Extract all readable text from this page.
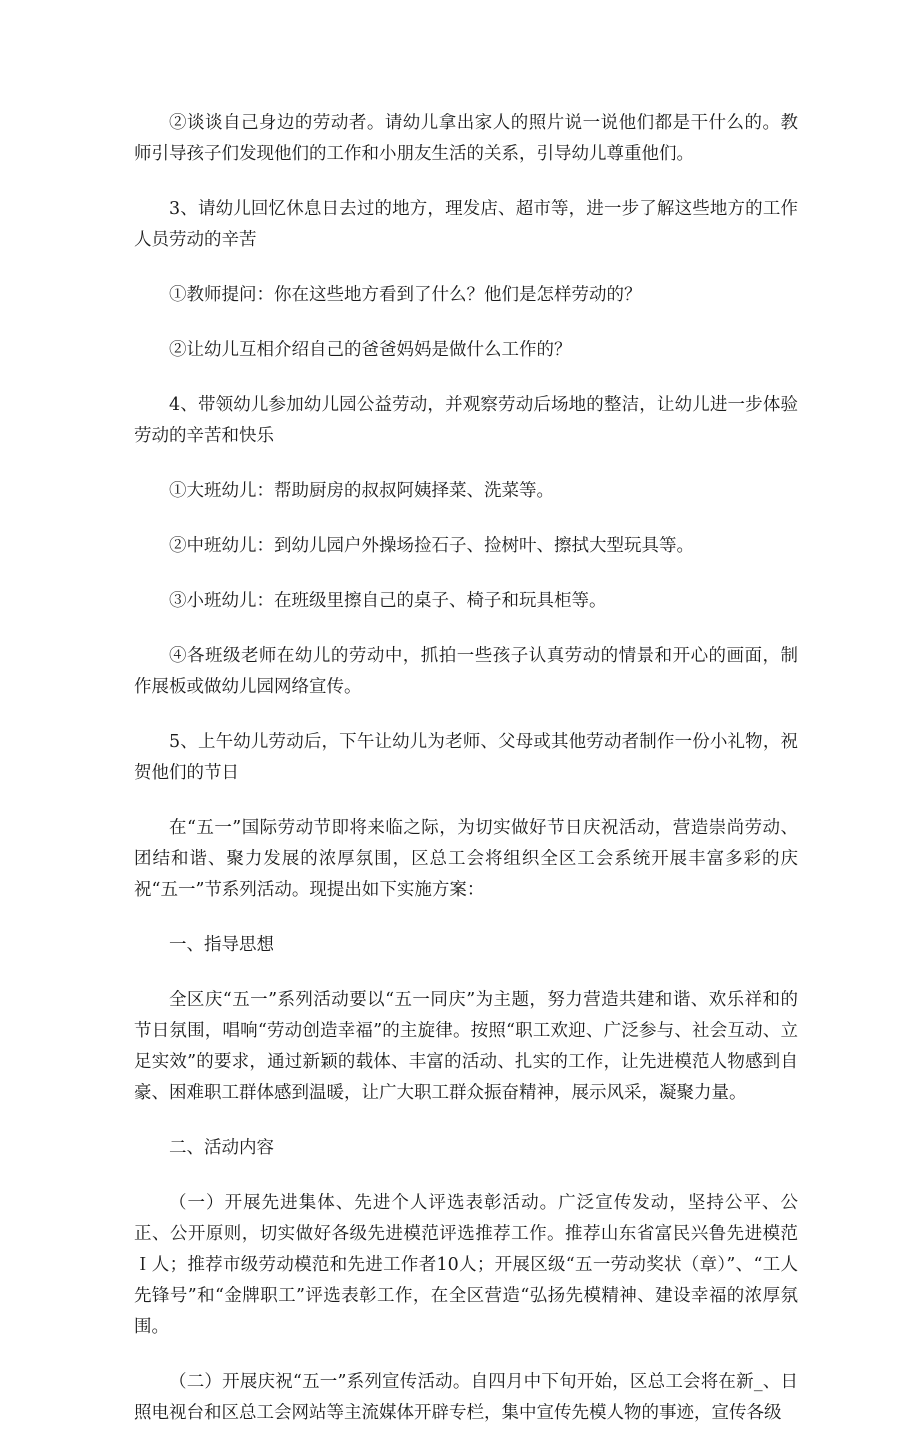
②谈谈自己身边的劳动者。请幼儿拿出家人的照片说一说他们都是干什么的。教师引导孩子们发现他们的工作和小朋友生活的关系，引导幼儿尊重他们。

3、请幼儿回忆休息日去过的地方，理发店、超市等，进一步了解这些地方的工作人员劳动的辛苦

①教师提问：你在这些地方看到了什么？他们是怎样劳动的？

②让幼儿互相介绍自己的爸爸妈妈是做什么工作的？

4、带领幼儿参加幼儿园公益劳动，并观察劳动后场地的整洁，让幼儿进一步体验劳动的辛苦和快乐

①大班幼儿：帮助厨房的叔叔阿姨择菜、洗菜等。

②中班幼儿：到幼儿园户外操场捡石子、捡树叶、擦拭大型玩具等。

③小班幼儿：在班级里擦自己的桌子、椅子和玩具柜等。

④各班级老师在幼儿的劳动中，抓拍一些孩子认真劳动的情景和开心的画面，制作展板或做幼儿园网络宣传。

5、上午幼儿劳动后，下午让幼儿为老师、父母或其他劳动者制作一份小礼物，祝贺他们的节日

在“五一”国际劳动节即将来临之际，为切实做好节日庆祝活动，营造崇尚劳动、团结和谐、聚力发展的浓厚氛围，区总工会将组织全区工会系统开展丰富多彩的庆祝“五一”节系列活动。现提出如下实施方案：

一、指导思想

全区庆“五一”系列活动要以“五一同庆”为主题，努力营造共建和谐、欢乐祥和的节日氛围，唱响“劳动创造幸福”的主旋律。按照“职工欢迎、广泛参与、社会互动、立足实效”的要求，通过新颖的载体、丰富的活动、扎实的工作，让先进模范人物感到自豪、困难职工群体感到温暖，让广大职工群众振奋精神，展示风采，凝聚力量。

二、活动内容

（一）开展先进集体、先进个人评选表彰活动。广泛宣传发动，坚持公平、公正、公开原则，切实做好各级先进模范评选推荐工作。推荐山东省富民兴鲁先进模范Ｉ人；推荐市级劳动模范和先进工作者10人；开展区级“五一劳动奖状（章）”、“工人先锋号”和“金牌职工”评选表彰工作，在全区营造“弘扬先模精神、建设幸福的浓厚氛围。

（二）开展庆祝“五一”系列宣传活动。自四月中下旬开始，区总工会将在新_、日照电视台和区总工会网站等主流媒体开辟专栏，集中宣传先模人物的事迹，宣传各级
